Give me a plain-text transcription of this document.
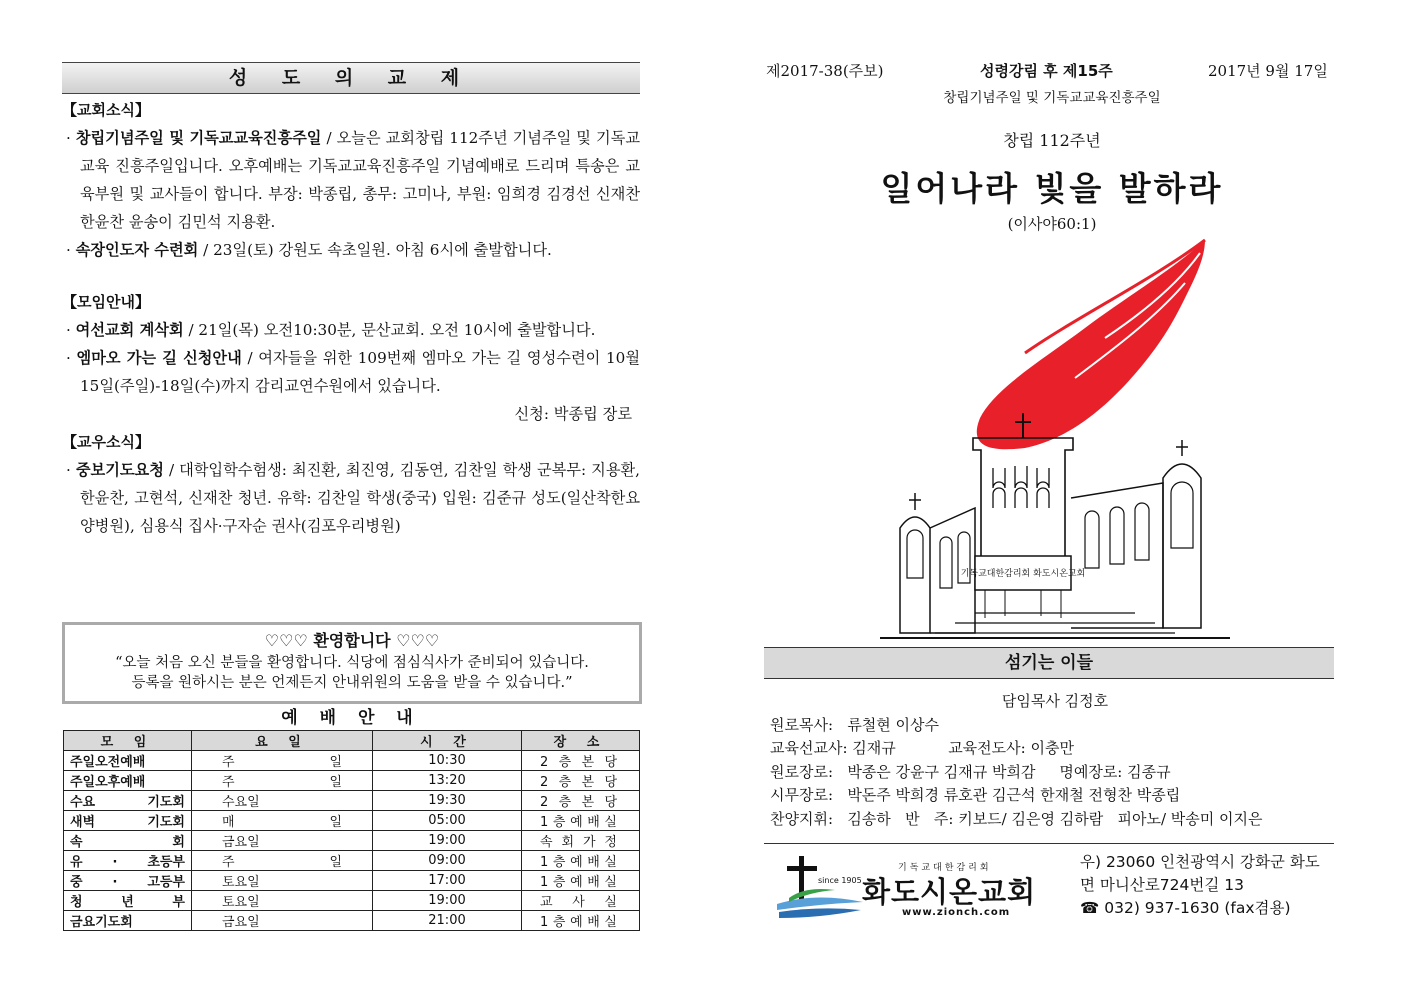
성 도 의 교 제
【교회소식】
· 창립기념주일 및 기독교교육진흥주일 / 오늘은 교회창립 112주년 기념주일 및 기독교교육 진흥주일입니다. 오후예배는 기독교교육진흥주일 기념예배로 드리며 특송은 교육부원 및 교사들이 합니다. 부장: 박종립, 총무: 고미나, 부원: 임희경 김경선 신재찬 한윤찬 윤송이 김민석 지용환.
· 속장인도자 수련회 / 23일(토) 강원도 속초일원. 아침 6시에 출발합니다.
【모임안내】
· 여선교회 계삭회 / 21일(목) 오전10:30분, 문산교회. 오전 10시에 출발합니다.
· 엠마오 가는 길 신청안내 / 여자들을 위한 109번째 엠마오 가는 길 영성수련이 10월15일(주일)-18일(수)까지 감리교연수원에서 있습니다.
신청: 박종립 장로
【교우소식】
· 중보기도요청 / 대학입학수험생: 최진환, 최진영, 김동연, 김찬일 학생 군복무: 지용환, 한윤찬, 고현석, 신재찬 청년. 유학: 김찬일 학생(중국) 입원: 김준규 성도(일산착한요양병원), 심용식 집사·구자순 권사(김포우리병원)
♡♡♡ 환영합니다 ♡♡♡
“오늘 처음 오신 분들을 환영합니다. 식당에 점심식사가 준비되어 있습니다.
등록을 원하시는 분은 언제든지 안내위원의 도움을 받을 수 있습니다.”
예 배 안 내
모 임	요 일	시 간	장 소
주일오전예배	주 일	10:30	2 층 본 당
주일오후예배	주 일	13:20	2 층 본 당
수요 기도회	수요일	19:30	2 층 본 당
새벽 기도회	매 일	05:00	1 층 예 배 실
속 회	금요일	19:00	속 회 가 정
유 · 초등부	주 일	09:00	1 층 예 배 실
중 · 고등부	토요일	17:00	1 층 예 배 실
청 년 부	토요일	19:00	교 사 실
금요기도회	금요일	21:00	1 층 예 배 실
제2017-38(주보)	성령강림 후 제15주	2017년 9월 17일
창립기념주일 및 기독교교육진흥주일
창립 112주년
일어나라 빛을 발하라
(이사야60:1)
기독교대한감리회 화도시온교회
섬기는 이들
담임목사 김정호
원로목사:   류철현 이상수
교육선교사: 김재규           교육전도사: 이충만
원로장로:   박종은 강윤구 김재규 박희감     명예장로: 김종규
시무장로:   박돈주 박희경 류호관 김근석 한재철 전형찬 박종립
찬양지휘:   김송하   반   주: 키보드/ 김은영 김하람   피아노/ 박송미 이지은
기독교대한감리회
since 1905 화도시온교회
www.zionch.com
우) 23060 인천광역시 강화군 화도
면 마니산로724번길 13
☎ 032) 937-1630 (fax겸용)
